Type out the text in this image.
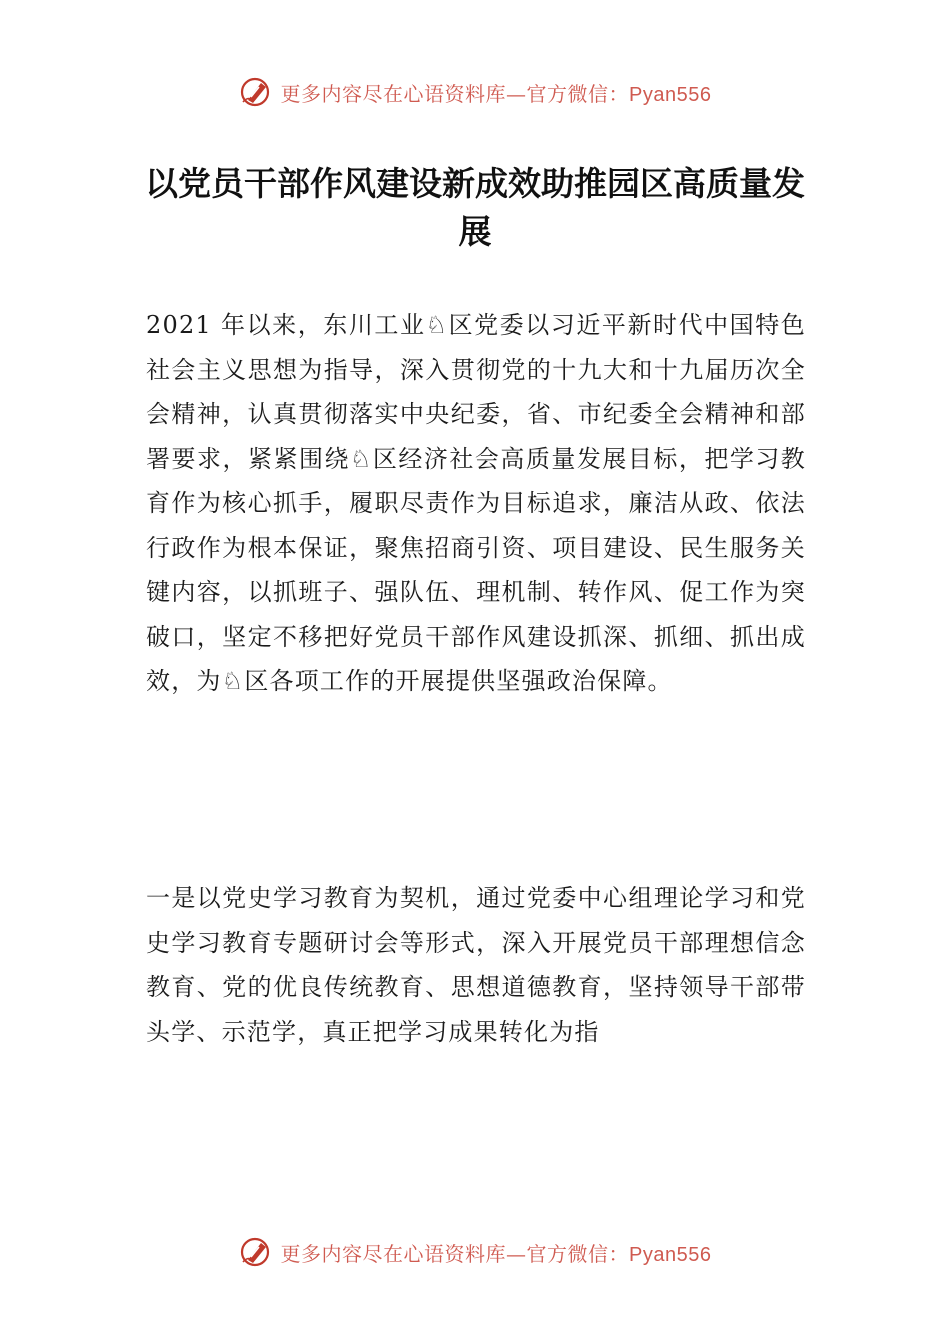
更多内容尽在心语资料库—官方微信：Pyan556
以党员干部作风建设新成效助推园区高质量发展

2021 年以来，东川工业♘区党委以习近平新时代中国特色社会主义思想为指导，深入贯彻党的十九大和十九届历次全会精神，认真贯彻落实中央纪委，省、市纪委全会精神和部署要求，紧紧围绕♘区经济社会高质量发展目标，把学习教育作为核心抓手，履职尽责作为目标追求，廉洁从政、依法行政作为根本保证，聚焦招商引资、项目建设、民生服务关键内容，以抓班子、强队伍、理机制、转作风、促工作为突破口，坚定不移把好党员干部作风建设抓深、抓细、抓出成效，为♘区各项工作的开展提供坚强政治保障。

一是以党史学习教育为契机，通过党委中心组理论学习和党史学习教育专题研讨会等形式，深入开展党员干部理想信念教育、党的优良传统教育、思想道德教育，坚持领导干部带头学、示范学，真正把学习成果转化为指

更多内容尽在心语资料库—官方微信：Pyan556
